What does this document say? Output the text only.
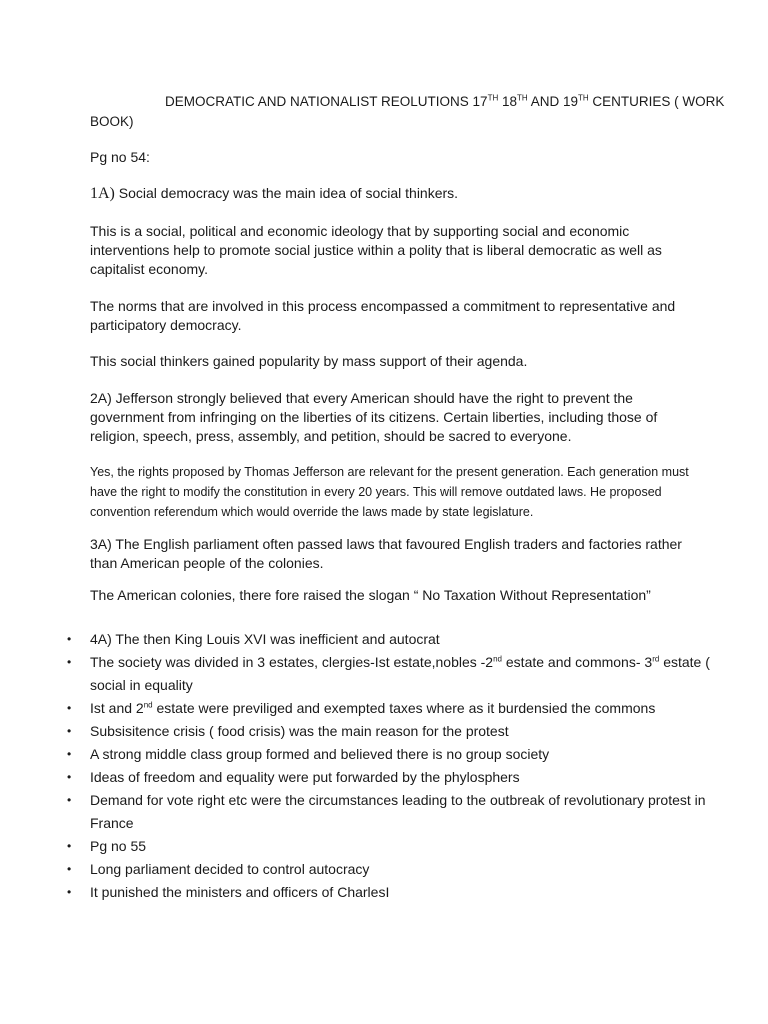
DEMOCRATIC AND NATIONALIST REOLUTIONS 17TH 18TH AND 19TH CENTURIES ( WORK
BOOK)
Pg no 54:
1A) Social democracy was the main idea of social thinkers.

This is a social, political and economic ideology that by supporting social and economic interventions help to promote social justice within a polity that is liberal democratic as well as capitalist economy.

The norms that are involved in this process encompassed a commitment to representative and participatory democracy.

This social thinkers gained popularity by mass support of their agenda.

2A) Jefferson strongly believed that every American should have the right to prevent the government from infringing on the liberties of its citizens. Certain liberties, including those of religion, speech, press, assembly, and petition, should be sacred to everyone.

Yes, the rights proposed by Thomas Jefferson are relevant for the present generation. Each generation must have the right to modify the constitution in every 20 years. This will remove outdated laws. He proposed convention referendum which would override the laws made by state legislature.

3A) The English parliament often passed laws that favoured English traders and factories rather than American people of the colonies.

The American colonies, there fore raised the slogan “ No Taxation Without Representation”

• 4A) The then King Louis XVI was inefficient and autocrat
• The society was divided in 3 estates, clergies-Ist estate,nobles -2nd estate and commons- 3rd estate ( social in equality
• Ist and 2nd estate were previliged and exempted taxes where as it burdensied the commons
• Subsisitence crisis ( food crisis) was the main reason for the protest
• A strong middle class group formed and believed there is no group society
• Ideas of freedom and equality were put forwarded by the phylosphers
• Demand for vote right etc were the circumstances leading to the outbreak of revolutionary protest in France
• Pg no 55
• Long parliament decided to control autocracy
• It punished the ministers and officers of CharlesI
